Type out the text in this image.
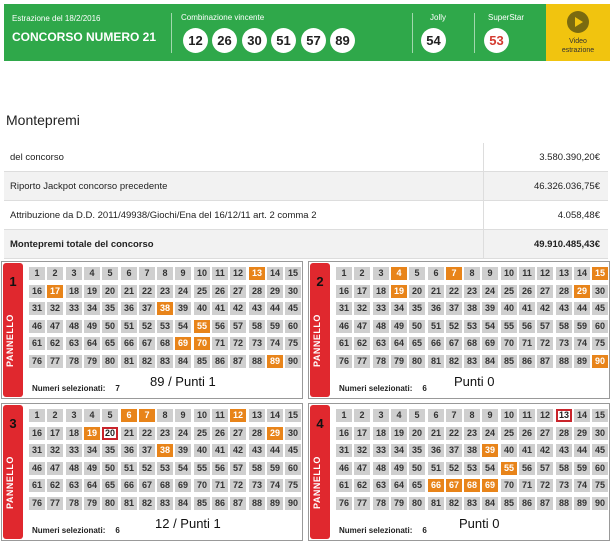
Estrazione del 18/2/2016
CONCORSO NUMERO 21
Combinazione vincente
12	26	30	51	57	89
Jolly
54
SuperStar
53	Video
estrazione
Montepremi
del concorso	3.580.390,20€
Riporto Jackpot concorso precedente	46.326.036,75€
Attribuzione da D.D. 2011/49938/Giochi/Ena del 16/12/11 art. 2 comma 2	4.058,48€
Montepremi totale del concorso	49.910.485,43€
1
PANNELLO
1	2	3	4	5	6	7	8	9	10 11 12 13 14 15
16 17 18 19 20 21 22 23 24 25 26 27 28 29 30
31 32 33 34 35 36 37 38 39 40 41 42 43 44 45
46 47 48 49 50 51 52 53 54 55 56 57 58 59 60
61 62 63 64 65 66 67 68 69 70 71 72 73 74 75
76 77 78 79 80 81 82 83 84 85 86 87 88 89 90
Numeri selezionati: 7 89 / Punti 1
2
PANNELLO
1	2	3	4	5	6	7	8	9	10 11 12 13 14 15
16 17 18 19 20 21 22 23 24 25 26 27 28 29 30
31 32 33 34 35 36 37 38 39 40 41 42 43 44 45
46 47 48 49 50 51 52 53 54 55 56 57 58 59 60
61 62 63 64 65 66 67 68 69 70 71 72 73 74 75
76 77 78 79 80 81 82 83 84 85 86 87 88 89 90
Numeri selezionati: 6 Punti 0
3
PANNELLO
1	2	3	4	5	6	7	8	9	10 11 12 13 14 15
16 17 18 19 20 21 22 23 24 25 26 27 28 29 30
31 32 33 34 35 36 37 38 39 40 41 42 43 44 45
46 47 48 49 50 51 52 53 54 55 56 57 58 59 60
61 62 63 64 65 66 67 68 69 70 71 72 73 74 75
76 77 78 79 80 81 82 83 84 85 86 87 88 89 90
Numeri selezionati: 6	12 / Punti 1
4
PANNELLO
1	2	3	4	5	6	7	8	9	10 11 12 13 14 15
16 17 18 19 20 21 22 23 24 25 26 27 28 29 30
31 32 33 34 35 36 37 38 39 40 41 42 43 44 45
46 47 48 49 50 51 52 53 54 55 56 57 58 59 60
61 62 63 64 65 66 67 68 69 70 71 72 73 74 75
76 77 78 79 80 81 82 83 84 85 86 87 88 89 90
Numeri selezionati: 6 Punti 0
